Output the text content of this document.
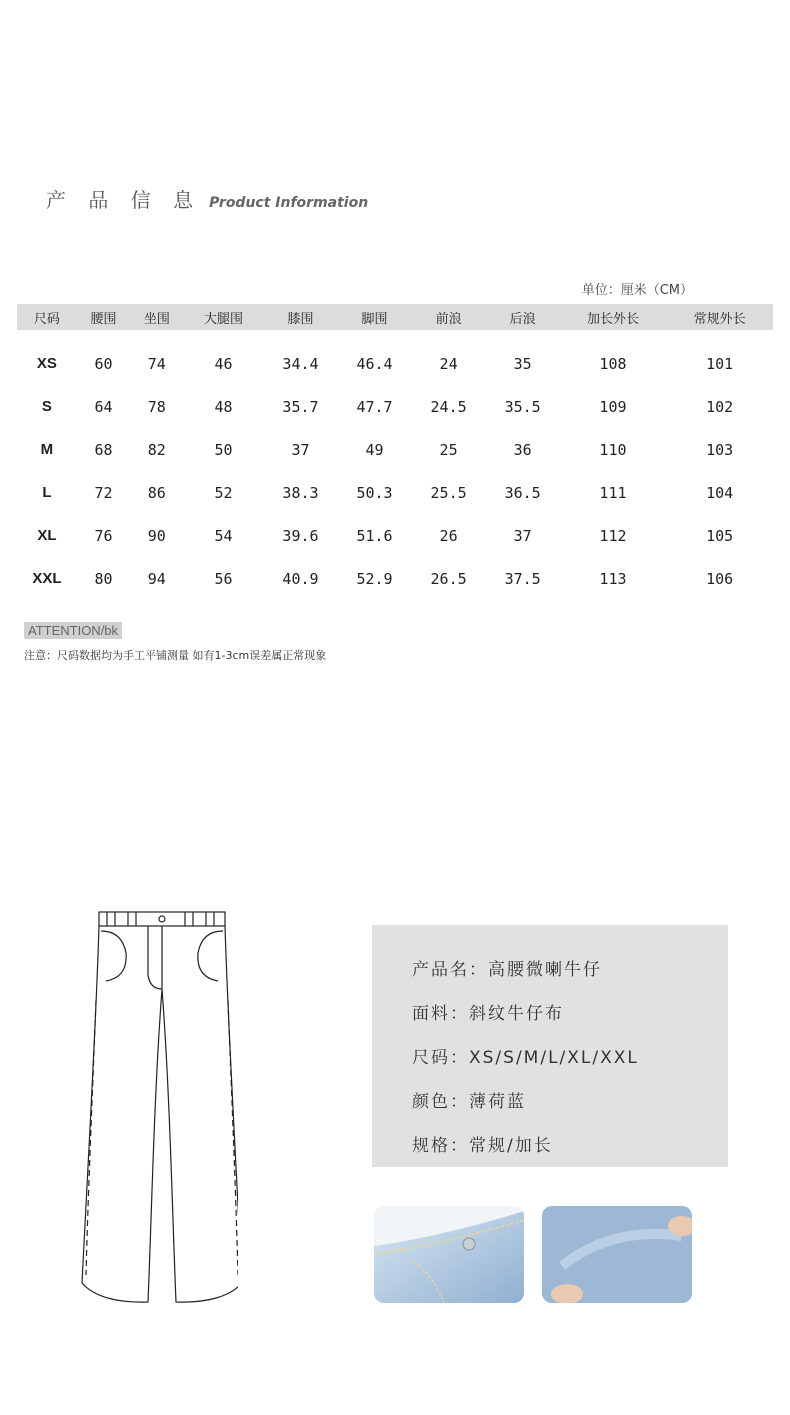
产 品 信 息 Product Information
单位：厘米（CM）
尺码	腰围	坐围	大腿围	膝围	脚围	前浪	后浪	加长外长	常规外长
XS	60	74	46	34.4	46.4	24	35	108	101
S	64	78	48	35.7	47.7	24.5	35.5	109	102
M	68	82	50	37	49	25	36	110	103
L	72	86	52	38.3	50.3	25.5	36.5	111	104
XL	76	90	54	39.6	51.6	26	37	112	105
XXL	80	94	56	40.9	52.9	26.5	37.5	113	106
ATTENTION/bk
注意：尺码数据均为手工平铺测量 如有1-3cm误差属正常现象
产品名：高腰微喇牛仔
面料：斜纹牛仔布
尺码：XS/S/M/L/XL/XXL
颜色：薄荷蓝
规格：常规/加长
